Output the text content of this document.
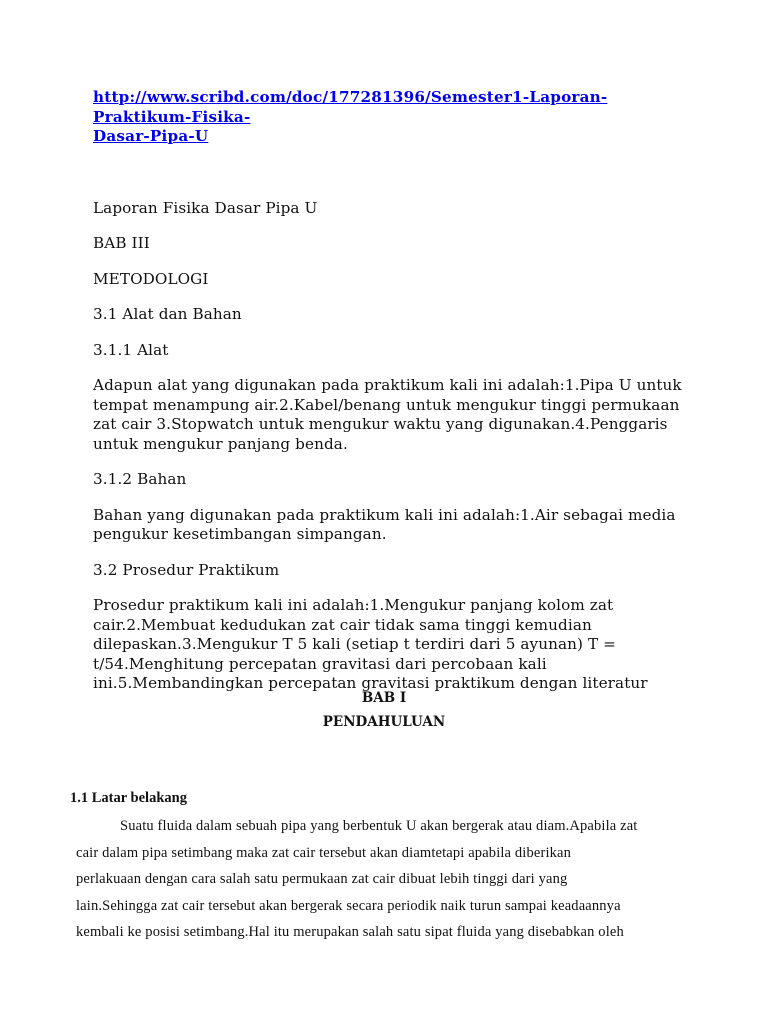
http://www.scribd.com/doc/177281396/Semester1-Laporan-Praktikum-Fisika-
Dasar-Pipa-U

Laporan Fisika Dasar Pipa U

BAB III

METODOLOGI

3.1 Alat dan Bahan

3.1.1 Alat

Adapun alat yang digunakan pada praktikum kali ini adalah:1.Pipa U untuk
tempat menampung air.2.Kabel/benang untuk mengukur tinggi permukaan
zat cair 3.Stopwatch untuk mengukur waktu yang digunakan.4.Penggaris
untuk mengukur panjang benda.

3.1.2 Bahan

Bahan yang digunakan pada praktikum kali ini adalah:1.Air sebagai media
pengukur kesetimbangan simpangan.

3.2 Prosedur Praktikum

Prosedur praktikum kali ini adalah:1.Mengukur panjang kolom zat
cair.2.Membuat kedudukan zat cair tidak sama tinggi kemudian
dilepaskan.3.Mengukur T 5 kali (setiap t terdiri dari 5 ayunan) T =
t/54.Menghitung percepatan gravitasi dari percobaan kali
ini.5.Membandingkan percepatan gravitasi praktikum dengan literatur
BAB I
PENDAHULUAN

1.1 Latar belakang

Suatu fluida dalam sebuah pipa yang berbentuk U akan bergerak atau diam.Apabila zat
cair dalam pipa setimbang maka zat cair tersebut akan diamtetapi apabila diberikan
perlakuaan dengan cara salah satu permukaan zat cair dibuat lebih tinggi dari yang
lain.Sehingga zat cair tersebut akan bergerak secara periodik naik turun sampai keadaannya
kembali ke posisi setimbang.Hal itu merupakan salah satu sipat fluida yang disebabkan oleh
